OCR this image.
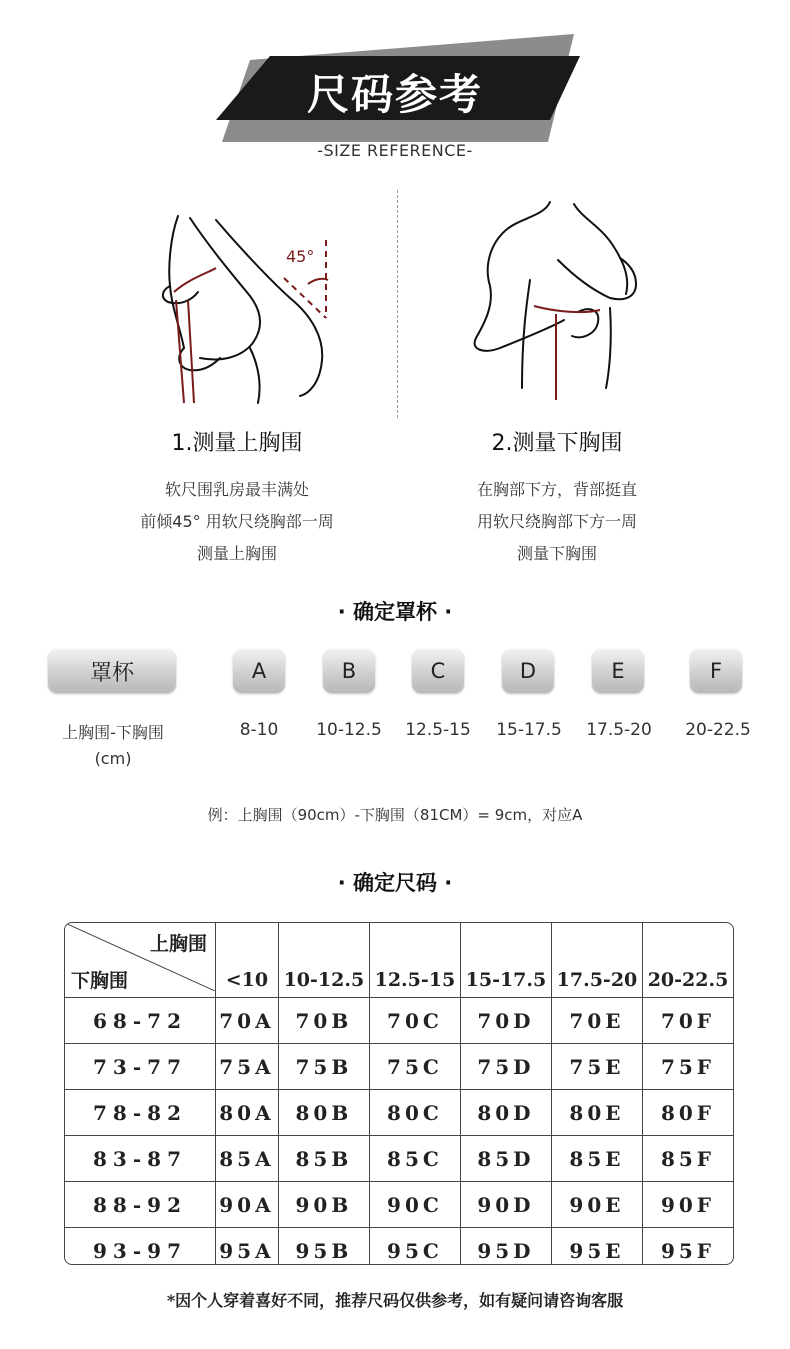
尺码参考
-SIZE REFERENCE-
45°
1.测量上胸围	2.测量下胸围
软尺围乳房最丰满处
前倾45° 用软尺绕胸部一周
测量上胸围
在胸部下方，背部挺直
用软尺绕胸部下方一周
测量下胸围
· 确定罩杯 ·
罩杯	A	B	C	D	E	F
上胸围-下胸围
(cm)
8-10	10-12.5	12.5-15	15-17.5	17.5-20	20-22.5
例：上胸围（90cm）-下胸围（81CM）= 9cm，对应A
· 确定尺码 ·
上胸围
下胸围	<10	10-12.5	12.5-15	15-17.5	17.5-20	20-22.5
68-72	70A	70B	70C	70D	70E	70F
73-77	75A	75B	75C	75D	75E	75F
78-82	80A	80B	80C	80D	80E	80F
83-87	85A	85B	85C	85D	85E	85F
88-92	90A	90B	90C	90D	90E	90F
93-97	95A	95B	95C	95D	95E	95F
*因个人穿着喜好不同，推荐尺码仅供参考，如有疑问请咨询客服
